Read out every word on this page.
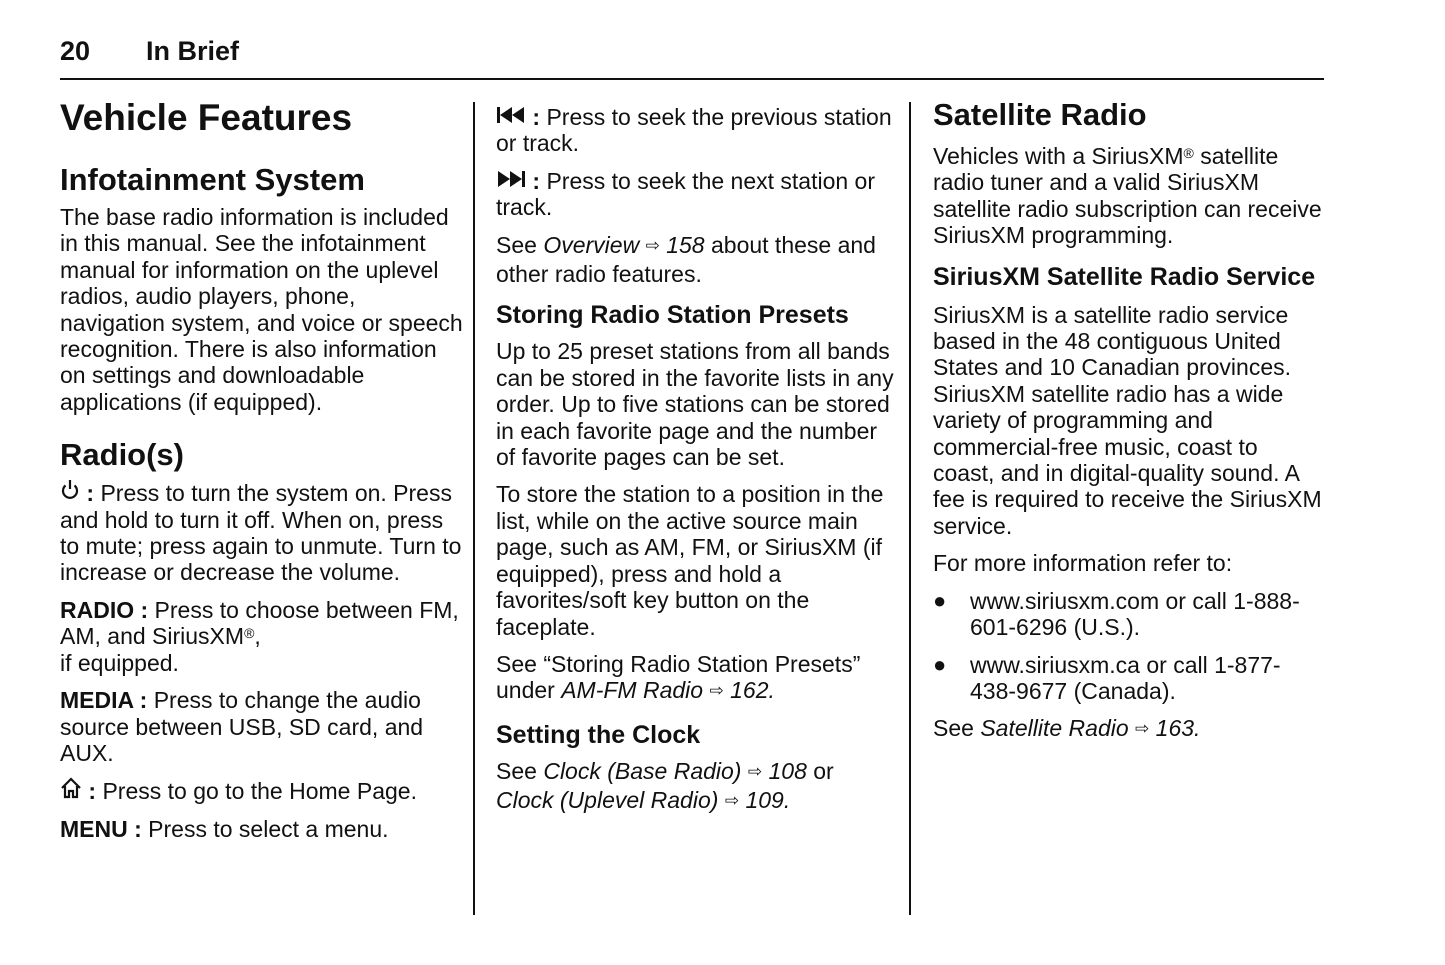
20 In Brief
Vehicle Features
Infotainment System

The base radio information is included in this manual. See the infotainment manual for information on the uplevel radios, audio players, phone, navigation system, and voice or speech recognition. There is also information on settings and downloadable applications (if equipped).

Radio(s)

: Press to turn the system on. Press and hold to turn it off. When on, press to mute; press again to unmute. Turn to increase or decrease the volume.

RADIO : Press to choose between FM, AM, and SiriusXM®,
if equipped.

MEDIA : Press to change the audio source between USB, SD card, and AUX.

: Press to go to the Home Page.

MENU : Press to select a menu.

: Press to seek the previous station or track.

: Press to seek the next station or track.

See Overview ⇨ 158 about these and other radio features.

Storing Radio Station Presets

Up to 25 preset stations from all bands can be stored in the favorite lists in any order. Up to five stations can be stored in each favorite page and the number of favorite pages can be set.

To store the station to a position in the list, while on the active source main page, such as AM, FM, or SiriusXM (if equipped), press and hold a favorites/soft key button on the faceplate.

See “Storing Radio Station Presets” under AM-FM Radio ⇨ 162.

Setting the Clock

See Clock (Base Radio) ⇨ 108 or
Clock (Uplevel Radio) ⇨ 109.

Satellite Radio

Vehicles with a SiriusXM® satellite radio tuner and a valid SiriusXM satellite radio subscription can receive SiriusXM programming.

SiriusXM Satellite Radio Service

SiriusXM is a satellite radio service based in the 48 contiguous United States and 10 Canadian provinces. SiriusXM satellite radio has a wide variety of programming and commercial-free music, coast to coast, and in digital-quality sound. A fee is required to receive the SiriusXM service.

For more information refer to:

●	www.siriusxm.com or call 1-888-601-6296 (U.S.).

●	www.siriusxm.ca or call 1-877-438-9677 (Canada).

See Satellite Radio ⇨ 163.
